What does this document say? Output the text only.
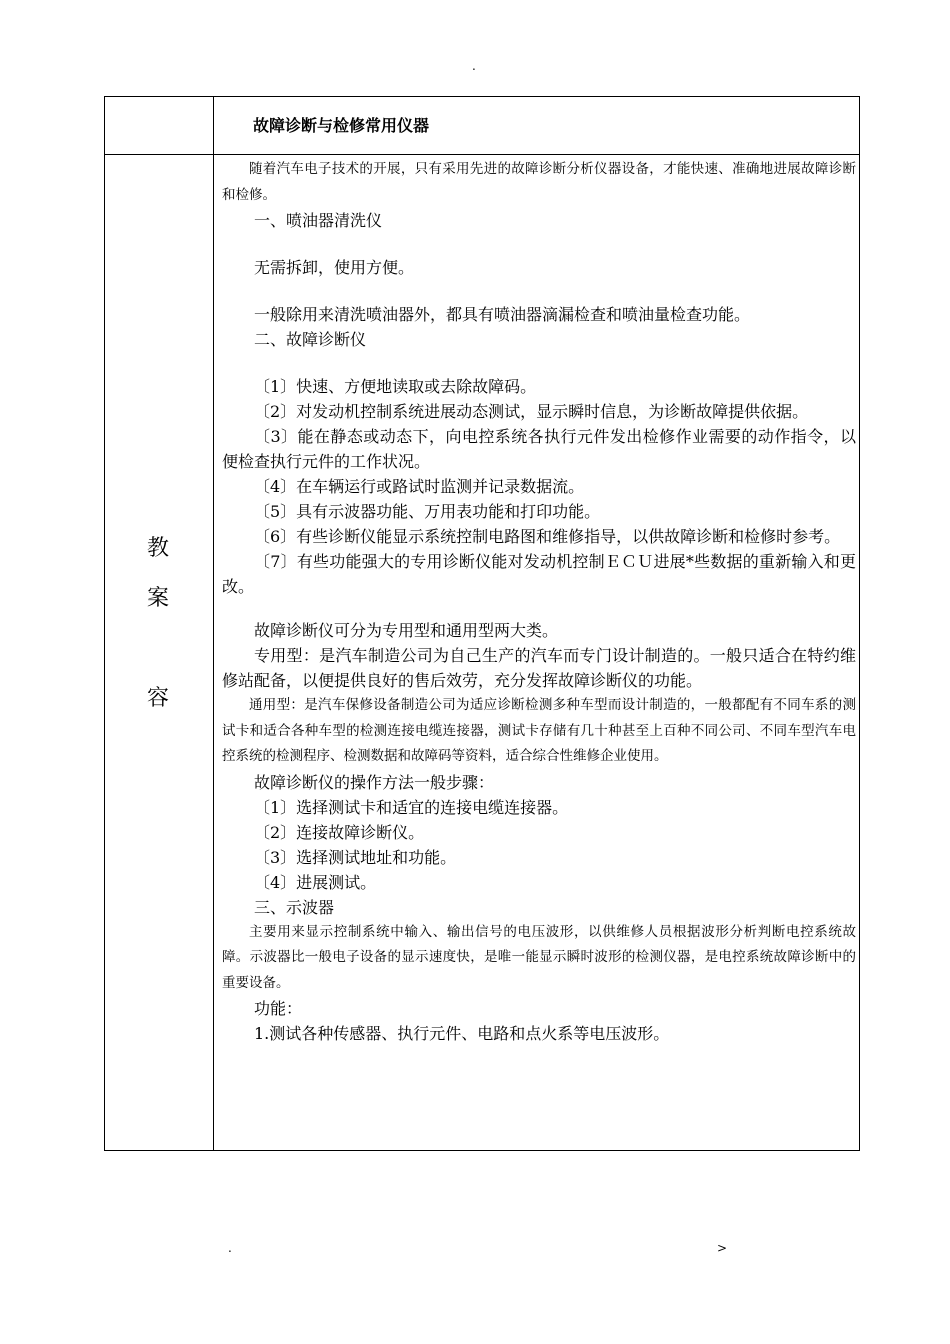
.
故障诊断与检修常用仪器
教
案
容

随着汽车电子技术的开展，只有采用先进的故障诊断分析仪器设备，才能快速、准确地进展故障诊断和检修。

一、喷油器清洗仪

无需拆卸，使用方便。

一般除用来清洗喷油器外，都具有喷油器滴漏检查和喷油量检查功能。

二、故障诊断仪

〔1〕快速、方便地读取或去除故障码。

〔2〕对发动机控制系统进展动态测试，显示瞬时信息，为诊断故障提供依据。

〔3〕能在静态或动态下，向电控系统各执行元件发出检修作业需要的动作指令，以便检查执行元件的工作状况。

〔4〕在车辆运行或路试时监测并记录数据流。

〔5〕具有示波器功能、万用表功能和打印功能。

〔6〕有些诊断仪能显示系统控制电路图和维修指导，以供故障诊断和检修时参考。

〔7〕有些功能强大的专用诊断仪能对发动机控制ＥＣＵ进展*些数据的重新输入和更改。

故障诊断仪可分为专用型和通用型两大类。

专用型：是汽车制造公司为自己生产的汽车而专门设计制造的。一般只适合在特约维修站配备，以便提供良好的售后效劳，充分发挥故障诊断仪的功能。

通用型：是汽车保修设备制造公司为适应诊断检测多种车型而设计制造的，一般都配有不同车系的测试卡和适合各种车型的检测连接电缆连接器，测试卡存储有几十种甚至上百种不同公司、不同车型汽车电控系统的检测程序、检测数据和故障码等资料，适合综合性维修企业使用。

故障诊断仪的操作方法一般步骤：

〔1〕选择测试卡和适宜的连接电缆连接器。

〔2〕连接故障诊断仪。

〔3〕选择测试地址和功能。

〔4〕进展测试。

三、示波器

主要用来显示控制系统中输入、输出信号的电压波形，以供维修人员根据波形分析判断电控系统故障。示波器比一般电子设备的显示速度快，是唯一能显示瞬时波形的检测仪器，是电控系统故障诊断中的重要设备。

功能：

1.测试各种传感器、执行元件、电路和点火系等电压波形。

.	>
